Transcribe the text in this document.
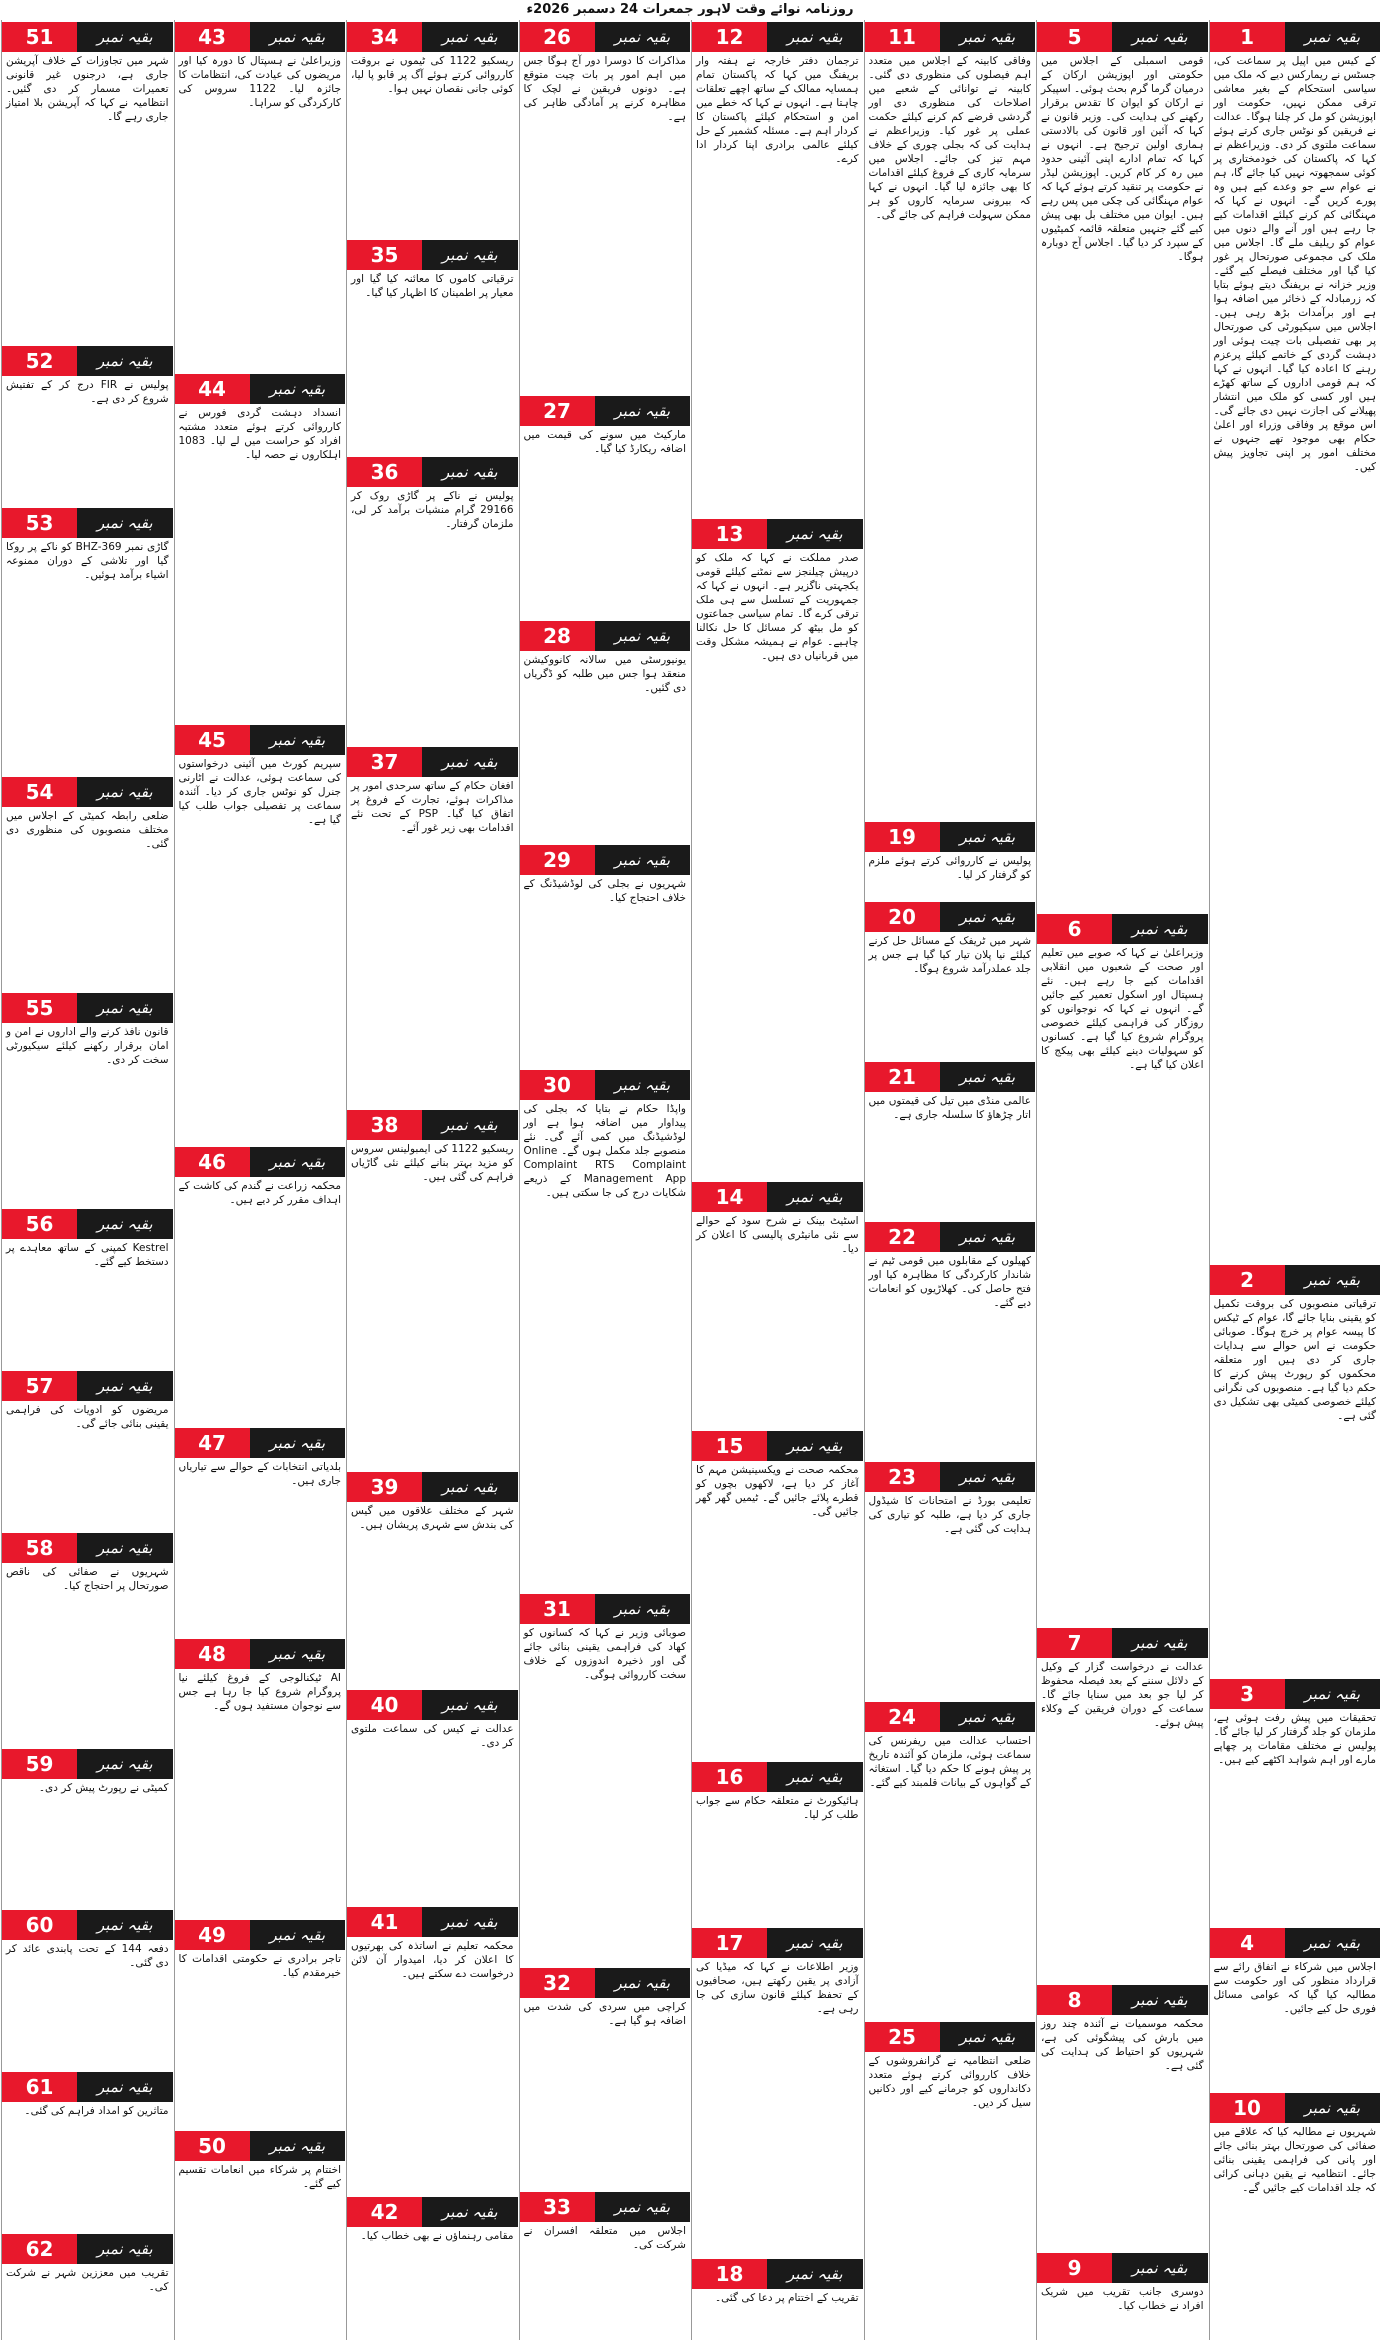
روزنامہ نوائے وقت لاہور جمعرات 24 دسمبر 2026ء
بقیہ نمبر
1
کے کیس میں اپیل پر سماعت کی، جسٹس نے ریمارکس دیے کہ ملک میں سیاسی استحکام کے بغیر معاشی ترقی ممکن نہیں، حکومت اور اپوزیشن کو مل کر چلنا ہوگا۔ عدالت نے فریقین کو نوٹس جاری کرتے ہوئے سماعت ملتوی کر دی۔ وزیراعظم نے کہا کہ پاکستان کی خودمختاری پر کوئی سمجھوتہ نہیں کیا جائے گا، ہم نے عوام سے جو وعدے کیے ہیں وہ پورے کریں گے۔ انہوں نے کہا کہ مہنگائی کم کرنے کیلئے اقدامات کیے جا رہے ہیں اور آنے والے دنوں میں عوام کو ریلیف ملے گا۔ اجلاس میں ملک کی مجموعی صورتحال پر غور کیا گیا اور مختلف فیصلے کیے گئے۔ وزیر خزانہ نے بریفنگ دیتے ہوئے بتایا کہ زرمبادلہ کے ذخائر میں اضافہ ہوا ہے اور برآمدات بڑھ رہی ہیں۔ اجلاس میں سیکیورٹی کی صورتحال پر بھی تفصیلی بات چیت ہوئی اور دہشت گردی کے خاتمے کیلئے پرعزم رہنے کا اعادہ کیا گیا۔ انہوں نے کہا کہ ہم قومی اداروں کے ساتھ کھڑے ہیں اور کسی کو ملک میں انتشار پھیلانے کی اجازت نہیں دی جائے گی۔ اس موقع پر وفاقی وزراء اور اعلیٰ حکام بھی موجود تھے جنہوں نے مختلف امور پر اپنی تجاویز پیش کیں۔
بقیہ نمبر
2
ترقیاتی منصوبوں کی بروقت تکمیل کو یقینی بنایا جائے گا، عوام کے ٹیکس کا پیسہ عوام پر خرچ ہوگا۔ صوبائی حکومت نے اس حوالے سے ہدایات جاری کر دی ہیں اور متعلقہ محکموں کو رپورٹ پیش کرنے کا حکم دیا گیا ہے۔ منصوبوں کی نگرانی کیلئے خصوصی کمیٹی بھی تشکیل دی گئی ہے۔
بقیہ نمبر
3
تحقیقات میں پیش رفت ہوئی ہے، ملزمان کو جلد گرفتار کر لیا جائے گا۔ پولیس نے مختلف مقامات پر چھاپے مارے اور اہم شواہد اکٹھے کیے ہیں۔
بقیہ نمبر
4
اجلاس میں شرکاء نے اتفاق رائے سے قرارداد منظور کی اور حکومت سے مطالبہ کیا گیا کہ عوامی مسائل فوری حل کیے جائیں۔
بقیہ نمبر
10
شہریوں نے مطالبہ کیا کہ علاقے میں صفائی کی صورتحال بہتر بنائی جائے اور پانی کی فراہمی یقینی بنائی جائے۔ انتظامیہ نے یقین دہانی کرائی کہ جلد اقدامات کیے جائیں گے۔
بقیہ نمبر
5
قومی اسمبلی کے اجلاس میں حکومتی اور اپوزیشن ارکان کے درمیان گرما گرم بحث ہوئی۔ اسپیکر نے ارکان کو ایوان کا تقدس برقرار رکھنے کی ہدایت کی۔ وزیر قانون نے کہا کہ آئین اور قانون کی بالادستی ہماری اولین ترجیح ہے۔ انہوں نے کہا کہ تمام ادارے اپنی آئینی حدود میں رہ کر کام کریں۔ اپوزیشن لیڈر نے حکومت پر تنقید کرتے ہوئے کہا کہ عوام مہنگائی کی چکی میں پس رہے ہیں۔ ایوان میں مختلف بل بھی پیش کیے گئے جنہیں متعلقہ قائمہ کمیٹیوں کے سپرد کر دیا گیا۔ اجلاس آج دوبارہ ہوگا۔
بقیہ نمبر
6
وزیراعلیٰ نے کہا کہ صوبے میں تعلیم اور صحت کے شعبوں میں انقلابی اقدامات کیے جا رہے ہیں۔ نئے ہسپتال اور اسکول تعمیر کیے جائیں گے۔ انہوں نے کہا کہ نوجوانوں کو روزگار کی فراہمی کیلئے خصوصی پروگرام شروع کیا گیا ہے۔ کسانوں کو سہولیات دینے کیلئے بھی پیکج کا اعلان کیا گیا ہے۔
بقیہ نمبر
7
عدالت نے درخواست گزار کے وکیل کے دلائل سننے کے بعد فیصلہ محفوظ کر لیا جو بعد میں سنایا جائے گا۔ سماعت کے دوران فریقین کے وکلاء پیش ہوئے۔
بقیہ نمبر
8
محکمہ موسمیات نے آئندہ چند روز میں بارش کی پیشگوئی کی ہے، شہریوں کو احتیاط کی ہدایت کی گئی ہے۔
بقیہ نمبر
9
دوسری جانب تقریب میں شریک افراد نے خطاب کیا۔
بقیہ نمبر
11
وفاقی کابینہ کے اجلاس میں متعدد اہم فیصلوں کی منظوری دی گئی۔ کابینہ نے توانائی کے شعبے میں اصلاحات کی منظوری دی اور گردشی قرضے کم کرنے کیلئے حکمت عملی پر غور کیا۔ وزیراعظم نے ہدایت کی کہ بجلی چوری کے خلاف مہم تیز کی جائے۔ اجلاس میں سرمایہ کاری کے فروغ کیلئے اقدامات کا بھی جائزہ لیا گیا۔ انہوں نے کہا کہ بیرونی سرمایہ کاروں کو ہر ممکن سہولت فراہم کی جائے گی۔
بقیہ نمبر
19
پولیس نے کارروائی کرتے ہوئے ملزم کو گرفتار کر لیا۔
بقیہ نمبر
20
شہر میں ٹریفک کے مسائل حل کرنے کیلئے نیا پلان تیار کیا گیا ہے جس پر جلد عملدرآمد شروع ہوگا۔
بقیہ نمبر
21
عالمی منڈی میں تیل کی قیمتوں میں اتار چڑھاؤ کا سلسلہ جاری ہے۔
بقیہ نمبر
22
کھیلوں کے مقابلوں میں قومی ٹیم نے شاندار کارکردگی کا مظاہرہ کیا اور فتح حاصل کی۔ کھلاڑیوں کو انعامات دیے گئے۔
بقیہ نمبر
23
تعلیمی بورڈ نے امتحانات کا شیڈول جاری کر دیا ہے، طلبہ کو تیاری کی ہدایت کی گئی ہے۔
بقیہ نمبر
24
احتساب عدالت میں ریفرنس کی سماعت ہوئی، ملزمان کو آئندہ تاریخ پر پیش ہونے کا حکم دیا گیا۔ استغاثہ کے گواہوں کے بیانات قلمبند کیے گئے۔
بقیہ نمبر
25
ضلعی انتظامیہ نے گرانفروشوں کے خلاف کارروائی کرتے ہوئے متعدد دکانداروں کو جرمانے کیے اور دکانیں سیل کر دیں۔
بقیہ نمبر
12
ترجمان دفتر خارجہ نے ہفتہ وار بریفنگ میں کہا کہ پاکستان تمام ہمسایہ ممالک کے ساتھ اچھے تعلقات چاہتا ہے۔ انہوں نے کہا کہ خطے میں امن و استحکام کیلئے پاکستان کا کردار اہم ہے۔ مسئلہ کشمیر کے حل کیلئے عالمی برادری اپنا کردار ادا کرے۔
بقیہ نمبر
13
صدر مملکت نے کہا کہ ملک کو درپیش چیلنجز سے نمٹنے کیلئے قومی یکجہتی ناگزیر ہے۔ انہوں نے کہا کہ جمہوریت کے تسلسل سے ہی ملک ترقی کرے گا۔ تمام سیاسی جماعتوں کو مل بیٹھ کر مسائل کا حل نکالنا چاہیے۔ عوام نے ہمیشہ مشکل وقت میں قربانیاں دی ہیں۔
بقیہ نمبر
14
اسٹیٹ بینک نے شرح سود کے حوالے سے نئی مانیٹری پالیسی کا اعلان کر دیا۔
بقیہ نمبر
15
محکمہ صحت نے ویکسینیشن مہم کا آغاز کر دیا ہے، لاکھوں بچوں کو قطرے پلائے جائیں گے۔ ٹیمیں گھر گھر جائیں گی۔
بقیہ نمبر
16
ہائیکورٹ نے متعلقہ حکام سے جواب طلب کر لیا۔
بقیہ نمبر
17
وزیر اطلاعات نے کہا کہ میڈیا کی آزادی پر یقین رکھتے ہیں، صحافیوں کے تحفظ کیلئے قانون سازی کی جا رہی ہے۔
بقیہ نمبر
18
تقریب کے اختتام پر دعا کی گئی۔
بقیہ نمبر
26
مذاکرات کا دوسرا دور آج ہوگا جس میں اہم امور پر بات چیت متوقع ہے۔ دونوں فریقین نے لچک کا مظاہرہ کرنے پر آمادگی ظاہر کی ہے۔
بقیہ نمبر
27
مارکیٹ میں سونے کی قیمت میں اضافہ ریکارڈ کیا گیا۔
بقیہ نمبر
28
یونیورسٹی میں سالانہ کانووکیشن منعقد ہوا جس میں طلبہ کو ڈگریاں دی گئیں۔
بقیہ نمبر
29
شہریوں نے بجلی کی لوڈشیڈنگ کے خلاف احتجاج کیا۔
بقیہ نمبر
30
واپڈا حکام نے بتایا کہ بجلی کی پیداوار میں اضافہ ہوا ہے اور لوڈشیڈنگ میں کمی آئے گی۔ نئے منصوبے جلد مکمل ہوں گے۔ Online Complaint RTS Complaint Management App کے ذریعے شکایات درج کی جا سکتی ہیں۔
بقیہ نمبر
31
صوبائی وزیر نے کہا کہ کسانوں کو کھاد کی فراہمی یقینی بنائی جائے گی اور ذخیرہ اندوزوں کے خلاف سخت کارروائی ہوگی۔
بقیہ نمبر
32
کراچی میں سردی کی شدت میں اضافہ ہو گیا ہے۔
بقیہ نمبر
33
اجلاس میں متعلقہ افسران نے شرکت کی۔
بقیہ نمبر
34
ریسکیو 1122 کی ٹیموں نے بروقت کارروائی کرتے ہوئے آگ پر قابو پا لیا، کوئی جانی نقصان نہیں ہوا۔
بقیہ نمبر
35
ترقیاتی کاموں کا معائنہ کیا گیا اور معیار پر اطمینان کا اظہار کیا گیا۔
بقیہ نمبر
36
پولیس نے ناکے پر گاڑی روک کر 29166 گرام منشیات برآمد کر لی، ملزمان گرفتار۔
بقیہ نمبر
37
افغان حکام کے ساتھ سرحدی امور پر مذاکرات ہوئے، تجارت کے فروغ پر اتفاق کیا گیا۔ PSP کے تحت نئے اقدامات بھی زیر غور آئے۔
بقیہ نمبر
38
ریسکیو 1122 کی ایمبولینس سروس کو مزید بہتر بنانے کیلئے نئی گاڑیاں فراہم کی گئی ہیں۔
بقیہ نمبر
39
شہر کے مختلف علاقوں میں گیس کی بندش سے شہری پریشان ہیں۔
بقیہ نمبر
40
عدالت نے کیس کی سماعت ملتوی کر دی۔
بقیہ نمبر
41
محکمہ تعلیم نے اساتذہ کی بھرتیوں کا اعلان کر دیا، امیدوار آن لائن درخواست دے سکتے ہیں۔
بقیہ نمبر
42
مقامی رہنماؤں نے بھی خطاب کیا۔
بقیہ نمبر
43
وزیراعلیٰ نے ہسپتال کا دورہ کیا اور مریضوں کی عیادت کی، انتظامات کا جائزہ لیا۔ 1122 سروس کی کارکردگی کو سراہا۔
بقیہ نمبر
44
انسداد دہشت گردی فورس نے کارروائی کرتے ہوئے متعدد مشتبہ افراد کو حراست میں لے لیا۔ 1083 اہلکاروں نے حصہ لیا۔
بقیہ نمبر
45
سپریم کورٹ میں آئینی درخواستوں کی سماعت ہوئی، عدالت نے اٹارنی جنرل کو نوٹس جاری کر دیا۔ آئندہ سماعت پر تفصیلی جواب طلب کیا گیا ہے۔
بقیہ نمبر
46
محکمہ زراعت نے گندم کی کاشت کے اہداف مقرر کر دیے ہیں۔
بقیہ نمبر
47
بلدیاتی انتخابات کے حوالے سے تیاریاں جاری ہیں۔
بقیہ نمبر
48
AI ٹیکنالوجی کے فروغ کیلئے نیا پروگرام شروع کیا جا رہا ہے جس سے نوجوان مستفید ہوں گے۔
بقیہ نمبر
49
تاجر برادری نے حکومتی اقدامات کا خیرمقدم کیا۔
بقیہ نمبر
50
اختتام پر شرکاء میں انعامات تقسیم کیے گئے۔
بقیہ نمبر
51
شہر میں تجاوزات کے خلاف آپریشن جاری ہے، درجنوں غیر قانونی تعمیرات مسمار کر دی گئیں۔ انتظامیہ نے کہا کہ آپریشن بلا امتیاز جاری رہے گا۔
بقیہ نمبر
52
پولیس نے FIR درج کر کے تفتیش شروع کر دی ہے۔
بقیہ نمبر
53
گاڑی نمبر BHZ-369 کو ناکے پر روکا گیا اور تلاشی کے دوران ممنوعہ اشیاء برآمد ہوئیں۔
بقیہ نمبر
54
ضلعی رابطہ کمیٹی کے اجلاس میں مختلف منصوبوں کی منظوری دی گئی۔
بقیہ نمبر
55
قانون نافذ کرنے والے اداروں نے امن و امان برقرار رکھنے کیلئے سیکیورٹی سخت کر دی۔
بقیہ نمبر
56
Kestrel کمپنی کے ساتھ معاہدے پر دستخط کیے گئے۔
بقیہ نمبر
57
مریضوں کو ادویات کی فراہمی یقینی بنائی جائے گی۔
بقیہ نمبر
58
شہریوں نے صفائی کی ناقص صورتحال پر احتجاج کیا۔
بقیہ نمبر
59
کمیٹی نے رپورٹ پیش کر دی۔
بقیہ نمبر
60
دفعہ 144 کے تحت پابندی عائد کر دی گئی۔
بقیہ نمبر
61
متاثرین کو امداد فراہم کی گئی۔
بقیہ نمبر
62
تقریب میں معززین شہر نے شرکت کی۔
